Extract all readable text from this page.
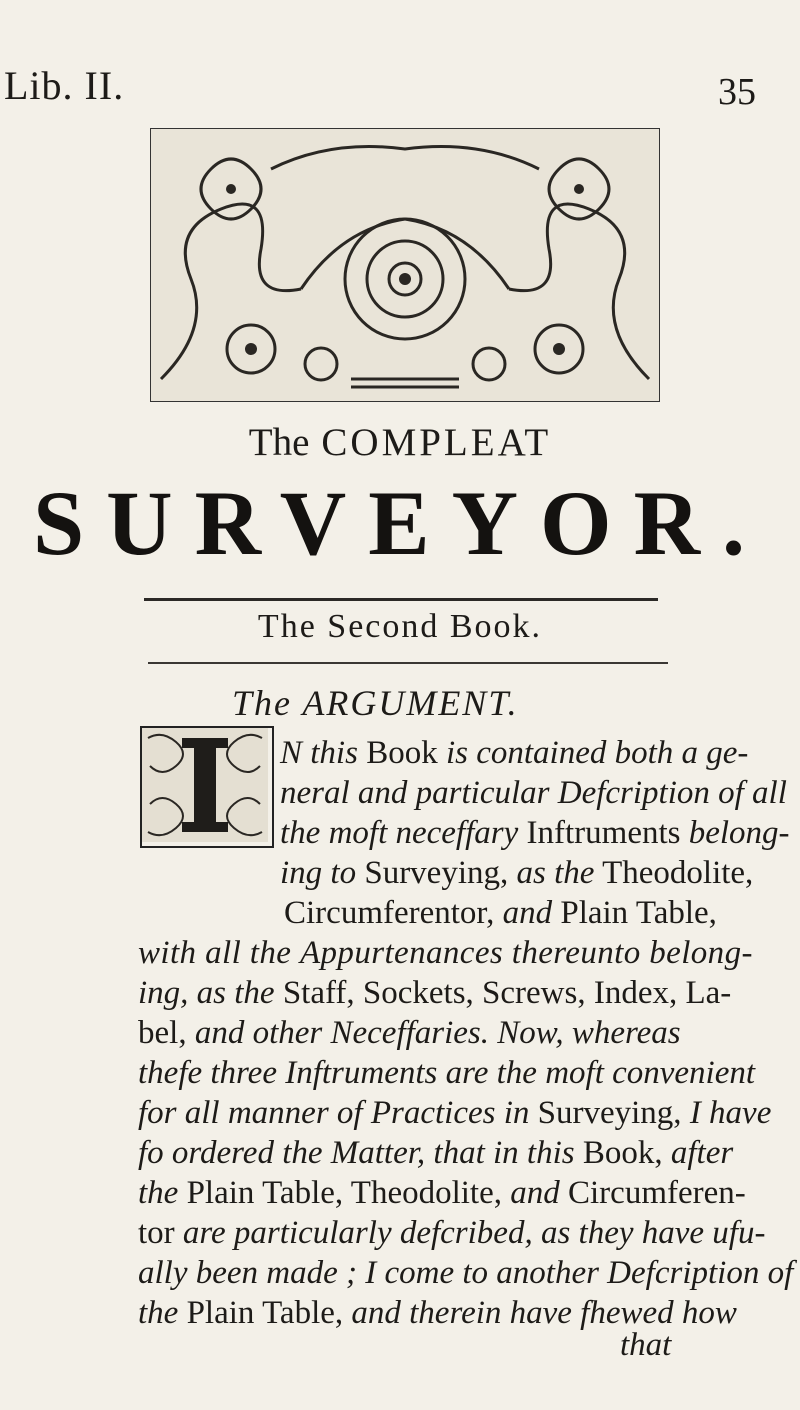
Lib. II.	35
The COMPLEAT
SURVEYOR.
The Second Book.
The ARGUMENT.
N this Book is contained both a ge-
neral and particular Defcription of all
the moft neceffary Inftruments belong-
ing to Surveying, as the Theodolite,
Circumferentor, and Plain Table,
with all the Appurtenances thereunto belong-
ing, as the Staff, Sockets, Screws, Index, La-
bel, and other Neceffaries. Now, whereas
thefe three Inftruments are the moft convenient
for all manner of Practices in Surveying, I have
fo ordered the Matter, that in this Book, after
the Plain Table, Theodolite, and Circumferen-
tor are particularly defcribed, as they have ufu-
ally been made ; I come to another Defcription of
the Plain Table, and therein have fhewed how
that
